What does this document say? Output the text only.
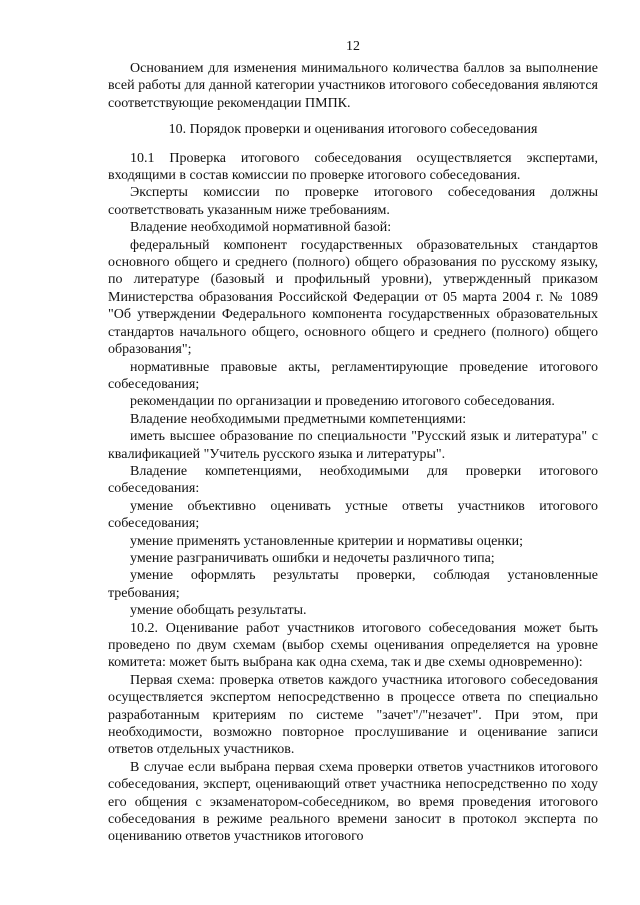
12

Основанием для изменения минимального количества баллов за выполнение всей работы для данной категории участников итогового собеседования являются соответствующие рекомендации ПМПК.

10. Порядок проверки и оценивания итогового собеседования

10.1 Проверка итогового собеседования осуществляется экспертами, входящими в состав комиссии по проверке итогового собеседования.

Эксперты комиссии по проверке итогового собеседования должны соответствовать указанным ниже требованиям.

Владение необходимой нормативной базой:

федеральный компонент государственных образовательных стандартов основного общего и среднего (полного) общего образования по русскому языку, по литературе (базовый и профильный уровни), утвержденный приказом Министерства образования Российской Федерации от 05 марта 2004 г. № 1089 "Об утверждении Федерального компонента государственных образовательных стандартов начального общего, основного общего и среднего (полного) общего образования";

нормативные правовые акты, регламентирующие проведение итогового собеседования;

рекомендации по организации и проведению итогового собеседования.

Владение необходимыми предметными компетенциями:

иметь высшее образование по специальности "Русский язык и литература" с квалификацией "Учитель русского языка и литературы".

Владение компетенциями, необходимыми для проверки итогового собеседования:

умение объективно оценивать устные ответы участников итогового собеседования;

умение применять установленные критерии и нормативы оценки;

умение разграничивать ошибки и недочеты различного типа;

умение оформлять результаты проверки, соблюдая установленные требования;

умение обобщать результаты.

10.2. Оценивание работ участников итогового собеседования может быть проведено по двум схемам (выбор схемы оценивания определяется на уровне комитета: может быть выбрана как одна схема, так и две схемы одновременно):

Первая схема: проверка ответов каждого участника итогового собеседования осуществляется экспертом непосредственно в процессе ответа по специально разработанным критериям по системе "зачет"/"незачет". При этом, при необходимости, возможно повторное прослушивание и оценивание записи ответов отдельных участников.

В случае если выбрана первая схема проверки ответов участников итогового собеседования, эксперт, оценивающий ответ участника непосредственно по ходу его общения с экзаменатором-собеседником, во время проведения итогового собеседования в режиме реального времени заносит в протокол эксперта по оцениванию ответов участников итогового
